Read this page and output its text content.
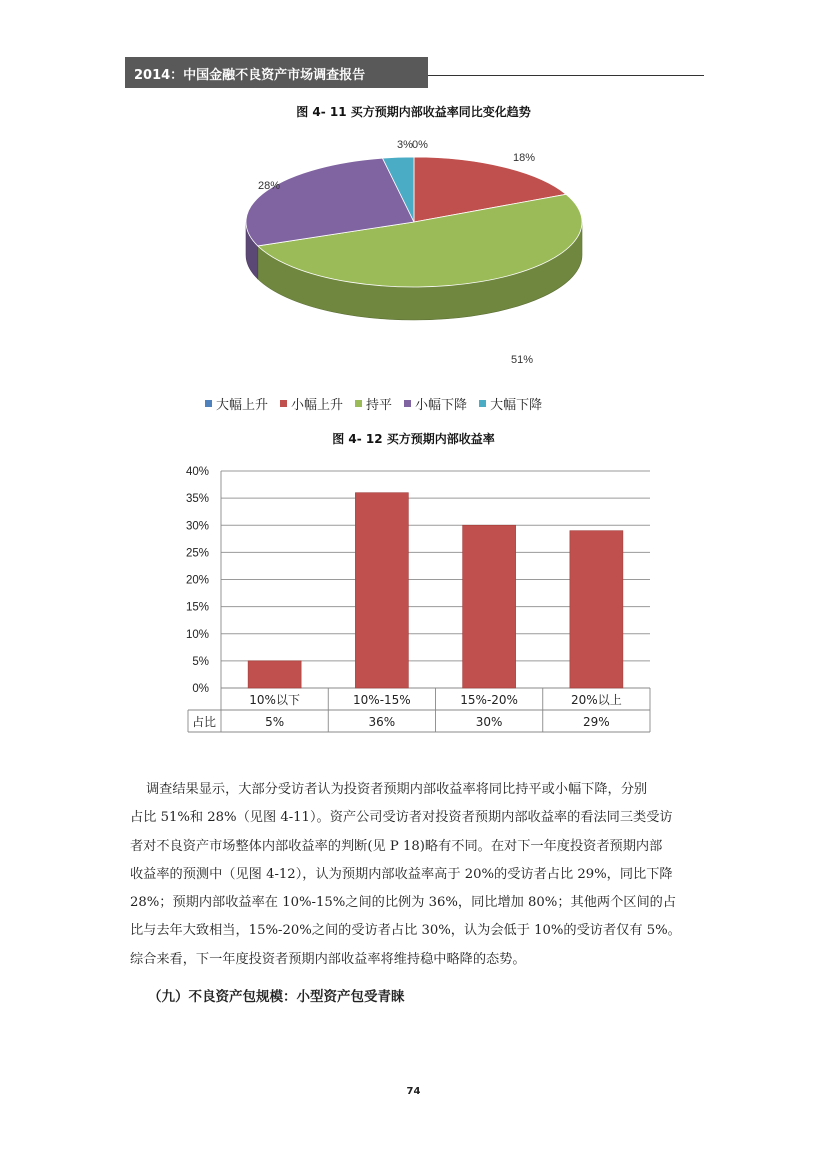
2014：中国金融不良资产市场调查报告
图 4- 11 买方预期内部收益率同比变化趋势
3% 0%
18%
51%
28%
大幅上升 小幅上升 持平 小幅下降 大幅下降
图 4- 12 买方预期内部收益率
0%
5%
10%
15%
20%
25%
30%
35%
40%
占比
10%以下
5%
10%-15%
36%
15%-20%
30%
20%以上
29%
调查结果显示，大部分受访者认为投资者预期内部收益率将同比持平或小幅下降，分别
占比 51%和 28%（见图 4-11）。资产公司受访者对投资者预期内部收益率的看法同三类受访
者对不良资产市场整体内部收益率的判断(见 P 18)略有不同。在对下一年度投资者预期内部
收益率的预测中（见图 4-12），认为预期内部收益率高于 20%的受访者占比 29%，同比下降
28%；预期内部收益率在 10%-15%之间的比例为 36%，同比增加 80%；其他两个区间的占
比与去年大致相当，15%-20%之间的受访者占比 30%，认为会低于 10%的受访者仅有 5%。
综合来看，下一年度投资者预期内部收益率将维持稳中略降的态势。
（九）不良资产包规模：小型资产包受青睐
74
